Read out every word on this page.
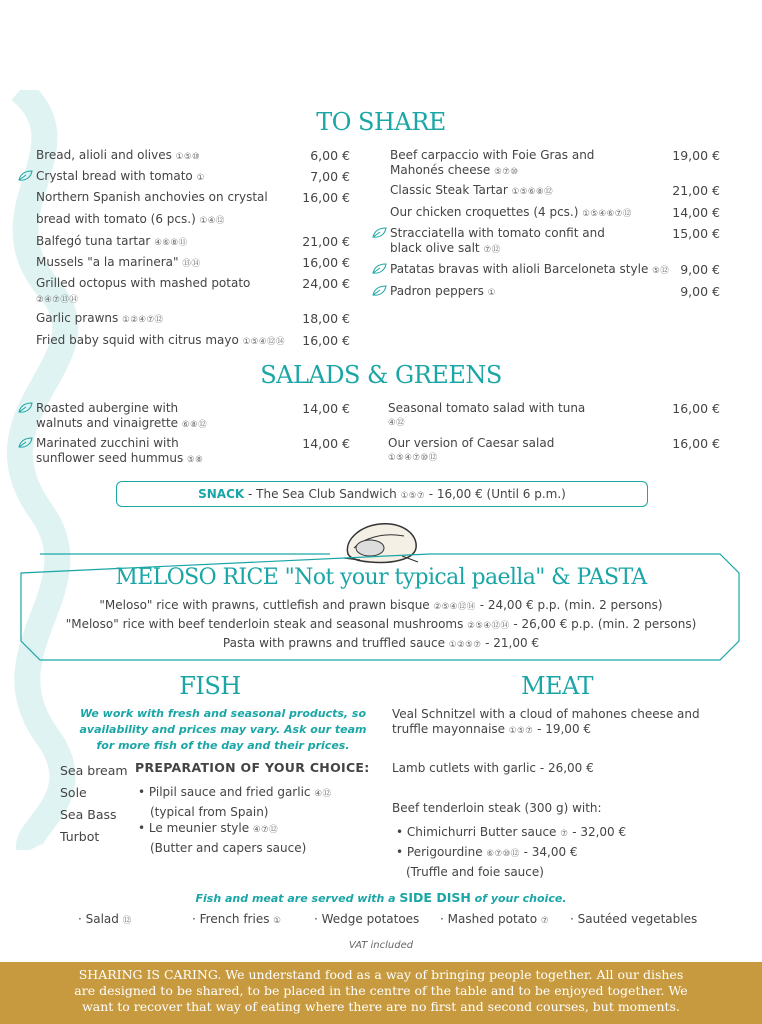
TO SHARE
Bread, alioli and olives ①⑤⑩	6,00 €
Crystal bread with tomato ①	7,00 €
Northern Spanish anchovies on crystal	16,00 €
bread with tomato (6 pcs.) ①④⑫
Balfegó tuna tartar ④⑥⑧⑪	21,00 €
Mussels "a la marinera" ⑬⑭	16,00 €
Grilled octopus with mashed potato	24,00 €
②④⑦⑬⑭
Garlic prawns ①②④⑦⑫	18,00 €
Fried baby squid with citrus mayo ①⑤④⑫⑭	16,00 €
Beef carpaccio with Foie Gras and	19,00 €
Mahonés cheese ⑤⑦⑩
Classic Steak Tartar ①⑤⑥⑧⑫	21,00 €
Our chicken croquettes (4 pcs.) ①⑤④⑥⑦⑫	14,00 €
Stracciatella with tomato confit and	15,00 €
black olive salt ⑦⑫
Patatas bravas with alioli Barceloneta style ⑤⑫ 9,00 €
Padron peppers ①	9,00 €
SALADS & GREENS
Roasted aubergine with
walnuts and vinaigrette ⑥⑧⑫
14,00 €
Marinated zucchini with
sunflower seed hummus ⑤⑧
14,00 €
Seasonal tomato salad with tuna
④⑫
16,00 €
Our version of Caesar salad
①⑤④⑦⑩⑫
16,00 €
SNACK - The Sea Club Sandwich ①⑤⑦ - 16,00 € (Until 6 p.m.)
MELOSO RICE "Not your typical paella" & PASTA
"Meloso" rice with prawns, cuttlefish and prawn bisque ②⑤④⑫⑭ - 24,00 € p.p. (min. 2 persons)
"Meloso" rice with beef tenderloin steak and seasonal mushrooms ②⑤④⑫⑭ - 26,00 € p.p. (min. 2 persons)
Pasta with prawns and truffled sauce ①②⑤⑦ - 21,00 €
FISH
We work with fresh and seasonal products, so availability and prices may vary. Ask our team for more fish of the day and their prices.
Sea bream
Sole
Sea Bass
Turbot
PREPARATION OF YOUR CHOICE:
• Pilpil sauce and fried garlic ④⑫
(typical from Spain)
• Le meunier style ④⑦⑫
(Butter and capers sauce)
MEAT
Veal Schnitzel with a cloud of mahones cheese and
truffle mayonnaise ①⑤⑦ - 19,00 €
Lamb cutlets with garlic - 26,00 €
Beef tenderloin steak (300 g) with:
• Chimichurri Butter sauce ⑦ - 32,00 €
• Perigourdine ⑥⑦⑩⑫ - 34,00 €
(Truffle and foie sauce)
Fish and meat are served with a SIDE DISH of your choice.
· Salad ⑫	· French fries ①	· Wedge potatoes · Mashed potato ⑦ · Sautéed vegetables
VAT included
SHARING IS CARING. We understand food as a way of bringing people together. All our dishes
are designed to be shared, to be placed in the centre of the table and to be enjoyed together. We
want to recover that way of eating where there are no first and second courses, but moments.
